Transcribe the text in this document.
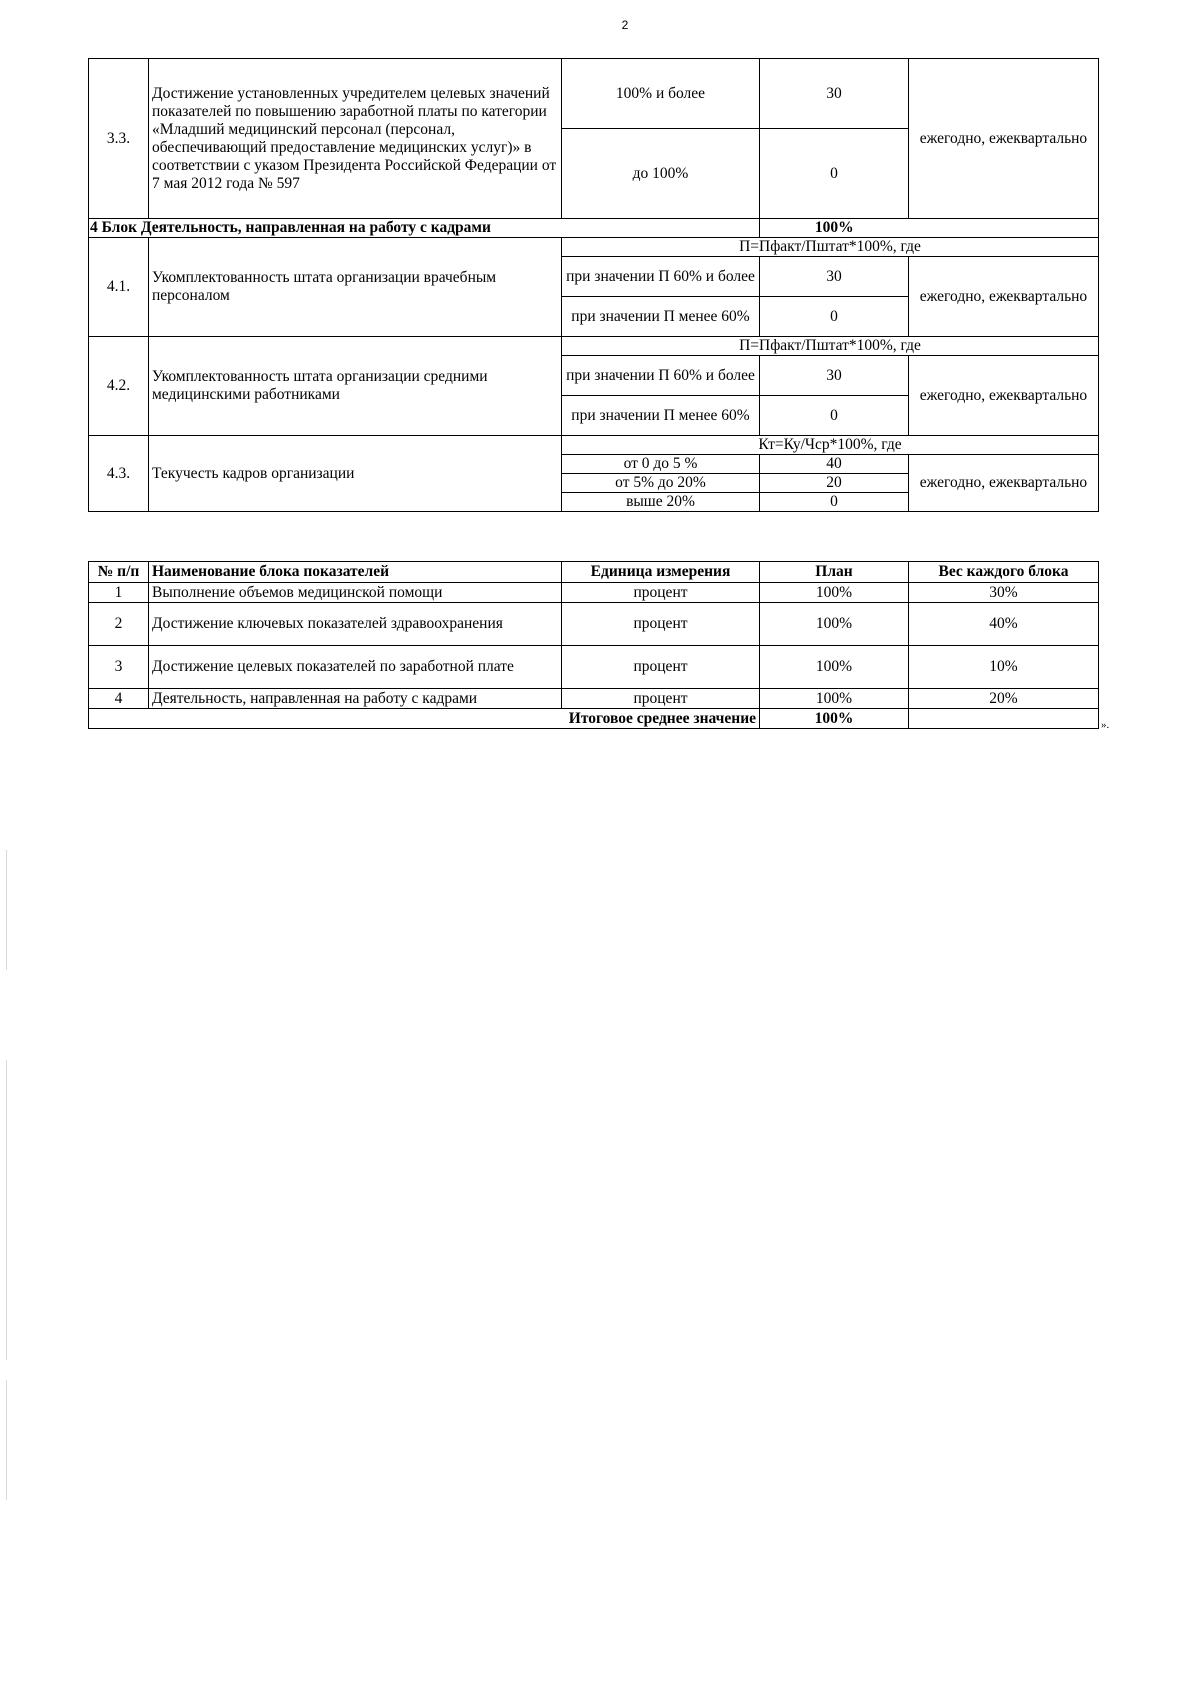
2
3.3.	Достижение установленных учредителем целевых значений показателей по повышению заработной платы по категории «Младший медицинский персонал (персонал, обеспечивающий предоставление медицинских услуг)» в соответствии с указом Президента Российской Федерации от 7 мая 2012 года № 597	100% и более	30	ежегодно, ежеквартально
		до 100%	0	
4 Блок Деятельность, направленная на работу с кадрами			100%	
4.1.	Укомплектованность штата организации врачебным персоналом	П=Пфакт/Пштат*100%, где		
		при значении П 60% и более	30	ежегодно, ежеквартально
		при значении П менее 60%	0	
4.2.	Укомплектованность штата организации средними медицинскими работниками	П=Пфакт/Пштат*100%, где		
		при значении П 60% и более	30	ежегодно, ежеквартально
		при значении П менее 60%	0	
4.3.	Текучесть кадров организации	Кт=Ку/Чср*100%, где		
		от 0 до 5 %	40	ежегодно, ежеквартально
		от 5% до 20%	20	
		выше 20%	0	
№ п/п	Наименование блока показателей	Единица измерения	План	Вес каждого блока
1	Выполнение объемов медицинской помощи	процент	100%	30%
2	Достижение ключевых показателей здравоохранения	процент	100%	40%
3	Достижение целевых показателей по заработной плате	процент	100%	10%
4	Деятельность, направленная на работу с кадрами	процент	100%	20%
Итоговое среднее значение			100%		».
